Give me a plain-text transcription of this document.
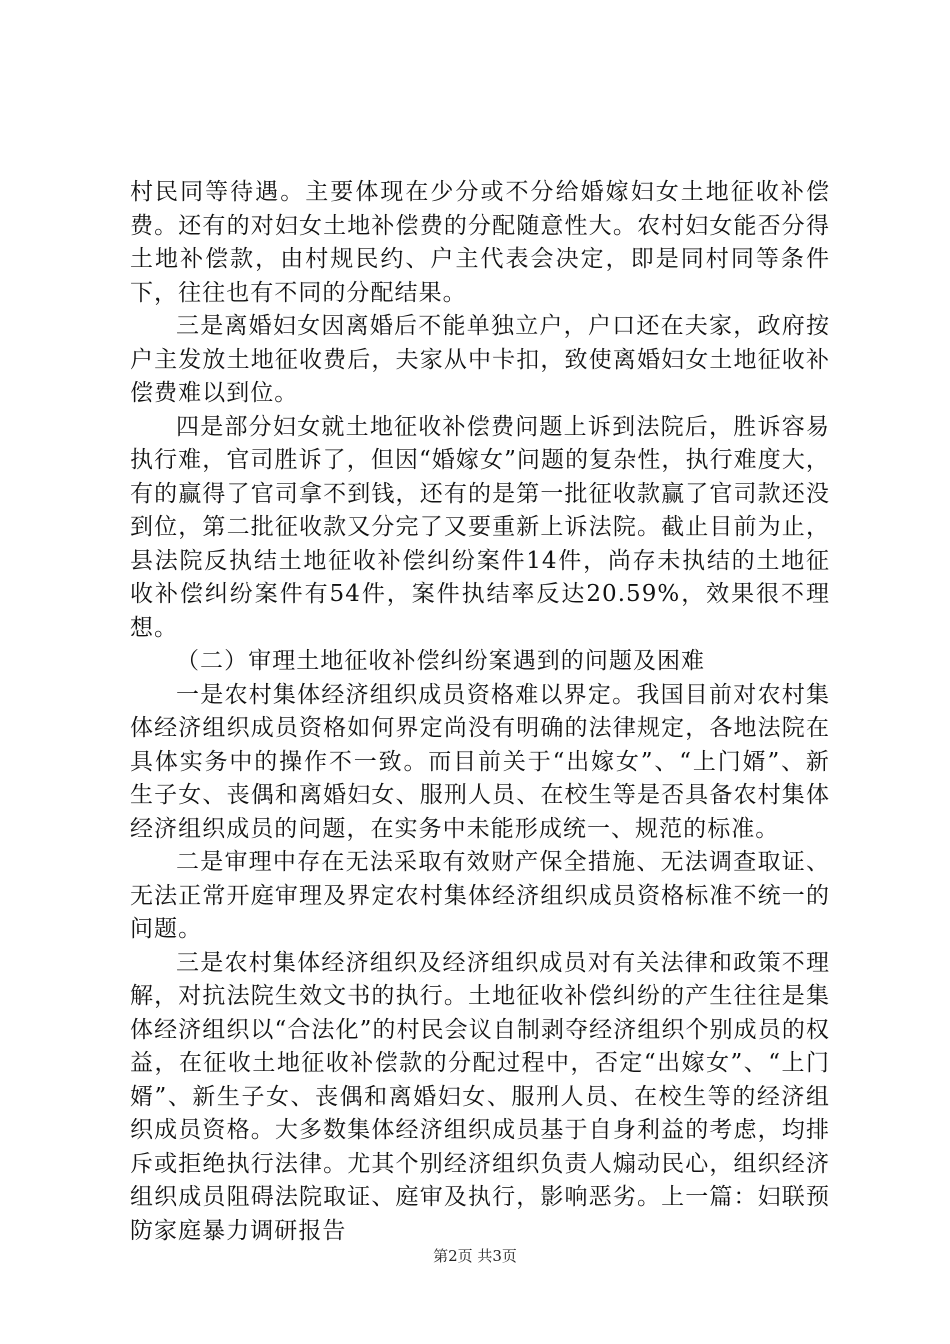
村民同等待遇。主要体现在少分或不分给婚嫁妇女土地征收补偿费。还有的对妇女土地补偿费的分配随意性大。农村妇女能否分得土地补偿款，由村规民约、户主代表会决定，即是同村同等条件下，往往也有不同的分配结果。

三是离婚妇女因离婚后不能单独立户，户口还在夫家，政府按户主发放土地征收费后，夫家从中卡扣，致使离婚妇女土地征收补偿费难以到位。

四是部分妇女就土地征收补偿费问题上诉到法院后，胜诉容易执行难，官司胜诉了，但因“婚嫁女”问题的复杂性，执行难度大，有的赢得了官司拿不到钱，还有的是第一批征收款赢了官司款还没到位，第二批征收款又分完了又要重新上诉法院。截止目前为止，县法院反执结土地征收补偿纠纷案件14件，尚存未执结的土地征收补偿纠纷案件有54件，案件执结率反达20.59%，效果很不理想。

（二）审理土地征收补偿纠纷案遇到的问题及困难

一是农村集体经济组织成员资格难以界定。我国目前对农村集体经济组织成员资格如何界定尚没有明确的法律规定，各地法院在具体实务中的操作不一致。而目前关于“出嫁女”、“上门婿”、新生子女、丧偶和离婚妇女、服刑人员、在校生等是否具备农村集体经济组织成员的问题，在实务中未能形成统一、规范的标准。

二是审理中存在无法采取有效财产保全措施、无法调查取证、无法正常开庭审理及界定农村集体经济组织成员资格标准不统一的问题。

三是农村集体经济组织及经济组织成员对有关法律和政策不理解，对抗法院生效文书的执行。土地征收补偿纠纷的产生往往是集体经济组织以“合法化”的村民会议自制剥夺经济组织个别成员的权益，在征收土地征收补偿款的分配过程中，否定“出嫁女”、“上门婿”、新生子女、丧偶和离婚妇女、服刑人员、在校生等的经济组织成员资格。大多数集体经济组织成员基于自身利益的考虑，均排斥或拒绝执行法律。尤其个别经济组织负责人煽动民心，组织经济组织成员阻碍法院取证、庭审及执行，影响恶劣。上一篇：妇联预防家庭暴力调研报告

第2页 共3页
